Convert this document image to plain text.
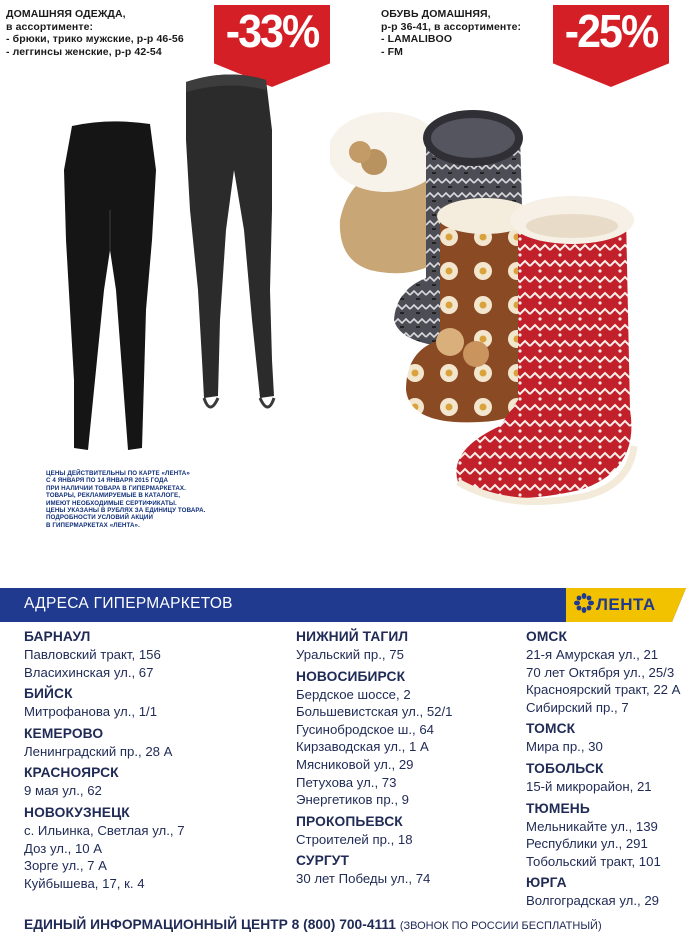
ДОМАШНЯЯ ОДЕЖДА,
в ассортименте:
- брюки, трико мужские, р-р 46-56
- леггинсы женские, р-р 42-54	-33%	ОБУВЬ ДОМАШНЯЯ,
р-р 36-41, в ассортименте:
- LAMALIBOO
- FM	-25%
ЦЕНЫ ДЕЙСТВИТЕЛЬНЫ ПО КАРТЕ «ЛЕНТА»
С 4 ЯНВАРЯ ПО 14 ЯНВАРЯ 2015 ГОДА
ПРИ НАЛИЧИИ ТОВАРА В ГИПЕРМАРКЕТАХ.
ТОВАРЫ, РЕКЛАМИРУЕМЫЕ В КАТАЛОГЕ,
ИМЕЮТ НЕОБХОДИМЫЕ СЕРТИФИКАТЫ.
ЦЕНЫ УКАЗАНЫ В РУБЛЯХ ЗА ЕДИНИЦУ ТОВАРА.
ПОДРОБНОСТИ УСЛОВИЙ АКЦИИ
В ГИПЕРМАРКЕТАХ «ЛЕНТА».
АДРЕСА ГИПЕРМАРКЕТОВ	ЛЕНТА
БАРНАУЛ
Павловский тракт, 156
Власихинская ул., 67
БИЙСК
Митрофанова ул., 1/1
КЕМЕРОВО
Ленинградский пр., 28 А
КРАСНОЯРСК
9 мая ул., 62
НОВОКУЗНЕЦК
с. Ильинка, Светлая ул., 7
Доз ул., 10 А
Зорге ул., 7 А
Куйбышева, 17, к. 4
НИЖНИЙ ТАГИЛ
Уральский пр., 75
НОВОСИБИРСК
Бердское шоссе, 2
Большевистская ул., 52/1
Гусинобродское ш., 64
Кирзаводская ул., 1 А
Мясниковой ул., 29
Петухова ул., 73
Энергетиков пр., 9
ПРОКОПЬЕВСК
Строителей пр., 18
СУРГУТ
30 лет Победы ул., 74
ОМСК
21-я Амурская ул., 21
70 лет Октября ул., 25/3
Красноярский тракт, 22 А
Сибирский пр., 7
ТОМСК
Мира пр., 30
ТОБОЛЬСК
15-й микрорайон, 21
ТЮМЕНЬ
Мельникайте ул., 139
Республики ул., 291
Тобольский тракт, 101
ЮРГА
Волгоградская ул., 29
ЕДИНЫЙ ИНФОРМАЦИОННЫЙ ЦЕНТР 8 (800) 700-4111 (ЗВОНОК ПО РОССИИ БЕСПЛАТНЫЙ)
